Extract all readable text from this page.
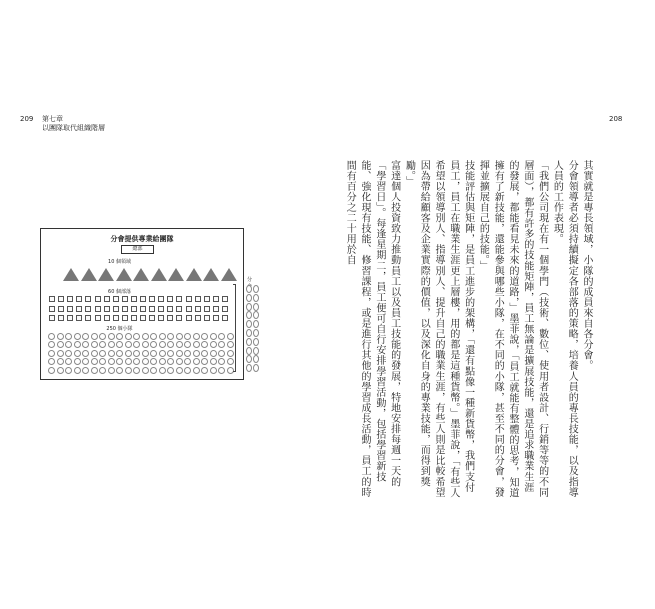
209 第七章
以團隊取代組織階層
208
分會提供專業給團隊
總部
10 個領域
60 個部落
250 個小隊
分	其實就是專長領域，小隊的成員來自各分會。

分會領導者必須持續擬定各部落的策略，培養人員的專長技能，以及指導人員的工作表現。

「我們公司現在有一個學門（技術、數位、使用者設計、行銷等等的不同層面），都有許多的技能矩陣，員工無論是擴展技能，還是追求職業生涯的發展，都能看見未來的道路，」墨菲說，「員工就能有整體的思考，知道擁有了新技能，還能參與哪些小隊，在不同的小隊，甚至不同的分會，發揮並擴展自己的技能。」

技能評估與矩陣，是員工進步的架構，「還有點像一種新貨幣，我們支付員工，員工在職業生涯更上層樓，用的都是這種貨幣。」墨菲說，「有些人希望以領導別人、指導別人、提升自己的職業生涯，有些人則是比較希望因為帶給顧客及企業實際的價值，以及深化自身的專業技能，而得到獎勵。」

富達個人投資致力推動員工以及員工技能的發展，特地安排每週一天的「學習日」。每逢星期二，員工便可自行安排學習活動，包括學習新技能、強化現有技能、修習課程，或是進行其他的學習成長活動，員工的時間有百分之二十用於自
